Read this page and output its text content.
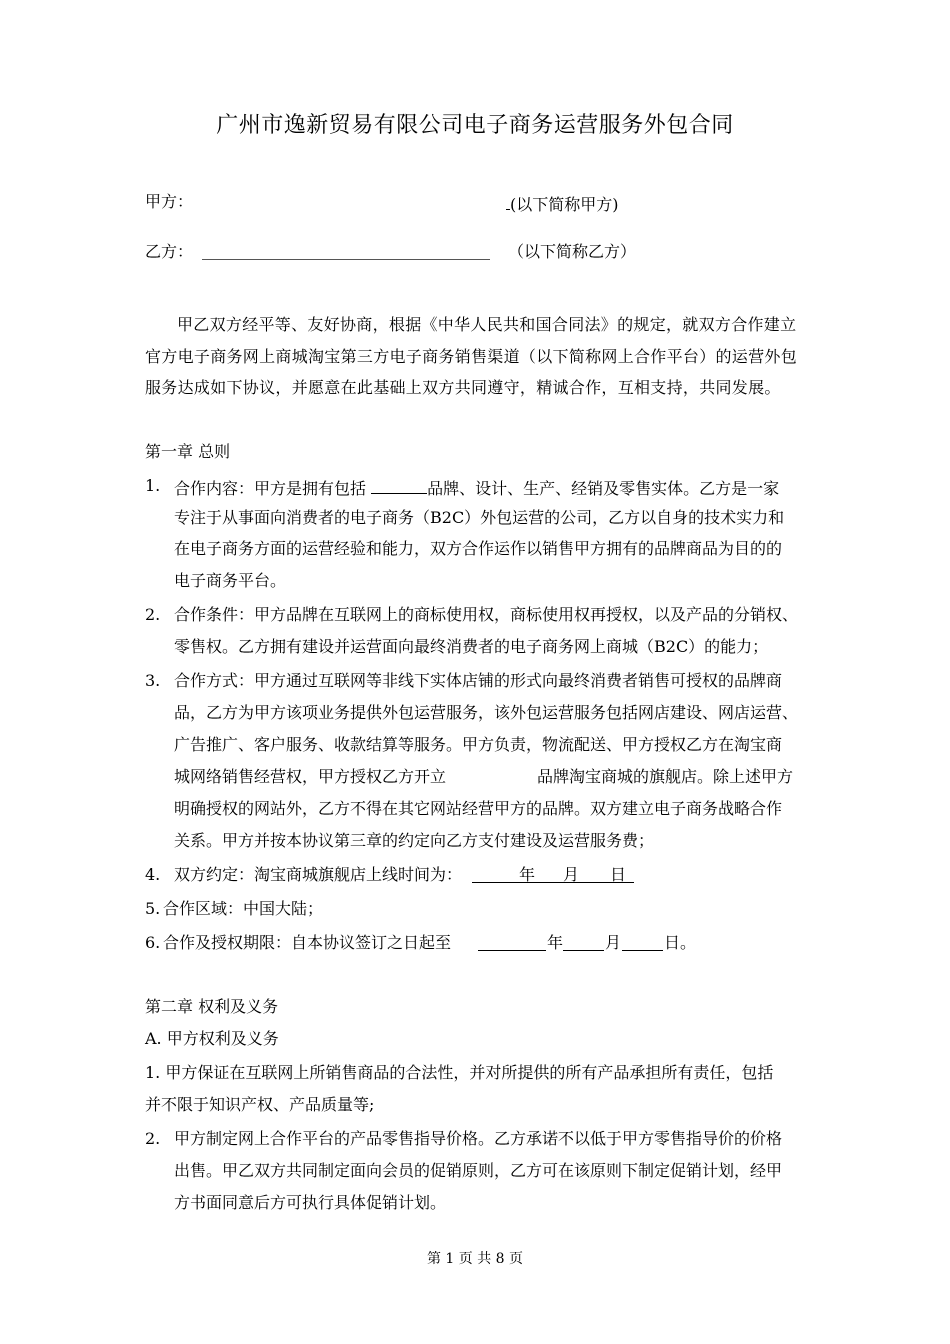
广州市逸新贸易有限公司电子商务运营服务外包合同
甲方：	(以下简称甲方)
乙方：	（以下简称乙方）
甲乙双方经平等、友好协商，根据《中华人民共和国合同法》的规定，就双方合作建立
官方电子商务网上商城淘宝第三方电子商务销售渠道（以下简称网上合作平台）的运营外包
服务达成如下协议，并愿意在此基础上双方共同遵守，精诚合作，互相支持，共同发展。
第一章 总则
1. 合作内容：甲方是拥有包括	品牌、设计、生产、经销及零售实体。乙方是一家
专注于从事面向消费者的电子商务（B2C）外包运营的公司，乙方以自身的技术实力和
在电子商务方面的运营经验和能力，双方合作运作以销售甲方拥有的品牌商品为目的的
电子商务平台。
2. 合作条件：甲方品牌在互联网上的商标使用权，商标使用权再授权，以及产品的分销权、
零售权。乙方拥有建设并运营面向最终消费者的电子商务网上商城（B2C）的能力；
3. 合作方式：甲方通过互联网等非线下实体店铺的形式向最终消费者销售可授权的品牌商
品，乙方为甲方该项业务提供外包运营服务，该外包运营服务包括网店建设、网店运营、
广告推广、客户服务、收款结算等服务。甲方负责，物流配送、甲方授权乙方在淘宝商
城网络销售经营权，甲方授权乙方开立	品牌淘宝商城的旗舰店。除上述甲方
明确授权的网站外，乙方不得在其它网站经营甲方的品牌。双方建立电子商务战略合作
关系。甲方并按本协议第三章的约定向乙方支付建设及运营服务费；
4. 双方约定：淘宝商城旗舰店上线时间为：	年 月 日
5. 合作区域：中国大陆；
6. 合作及授权期限：自本协议签订之日起至	年	月	日。
第二章 权利及义务
A. 甲方权利及义务
1. 甲方保证在互联网上所销售商品的合法性，并对所提供的所有产品承担所有责任，包括
并不限于知识产权、产品质量等;
2. 甲方制定网上合作平台的产品零售指导价格。乙方承诺不以低于甲方零售指导价的价格
出售。甲乙双方共同制定面向会员的促销原则，乙方可在该原则下制定促销计划，经甲
方书面同意后方可执行具体促销计划。
第 1 页 共 8 页
